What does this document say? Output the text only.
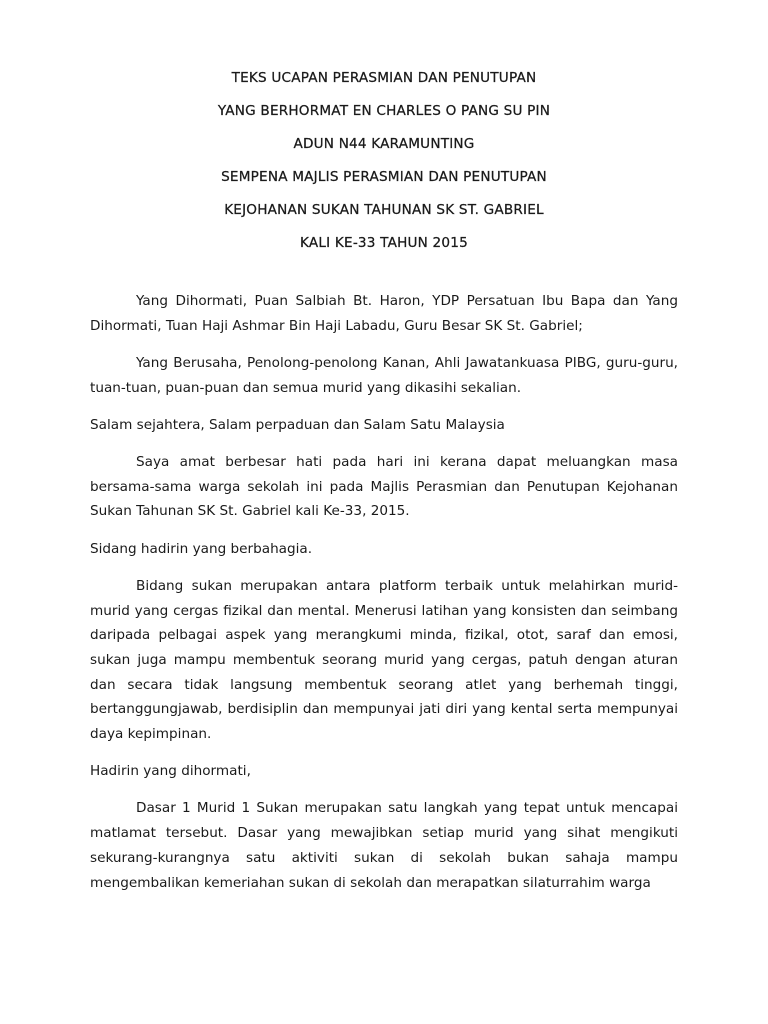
TEKS UCAPAN PERASMIAN DAN PENUTUPAN
YANG BERHORMAT EN CHARLES O PANG SU PIN
ADUN N44 KARAMUNTING
SEMPENA MAJLIS PERASMIAN DAN PENUTUPAN
KEJOHANAN SUKAN TAHUNAN SK ST. GABRIEL
KALI KE-33 TAHUN 2015

Yang Dihormati, Puan Salbiah Bt. Haron, YDP Persatuan Ibu Bapa dan Yang Dihormati, Tuan Haji Ashmar Bin Haji Labadu, Guru Besar SK St. Gabriel;

Yang Berusaha, Penolong-penolong Kanan, Ahli Jawatankuasa PIBG, guru-guru, tuan-tuan, puan-puan dan semua murid yang dikasihi sekalian.

Salam sejahtera, Salam perpaduan dan Salam Satu Malaysia

Saya amat berbesar hati pada hari ini kerana dapat meluangkan masa bersama-sama warga sekolah ini pada Majlis Perasmian dan Penutupan Kejohanan Sukan Tahunan SK St. Gabriel kali Ke-33, 2015.

Sidang hadirin yang berbahagia.

Bidang sukan merupakan antara platform terbaik untuk melahirkan murid-murid yang cergas fizikal dan mental. Menerusi latihan yang konsisten dan seimbang daripada pelbagai aspek yang merangkumi minda, fizikal, otot, saraf dan emosi, sukan juga mampu membentuk seorang murid yang cergas, patuh dengan aturan dan secara tidak langsung membentuk seorang atlet yang berhemah tinggi, bertanggungjawab, berdisiplin dan mempunyai jati diri yang kental serta mempunyai daya kepimpinan.

Hadirin yang dihormati,

Dasar 1 Murid 1 Sukan merupakan satu langkah yang tepat untuk mencapai matlamat tersebut. Dasar yang mewajibkan setiap murid yang sihat mengikuti sekurang-kurangnya satu aktiviti sukan di sekolah bukan sahaja mampu mengembalikan kemeriahan sukan di sekolah dan merapatkan silaturrahim warga
